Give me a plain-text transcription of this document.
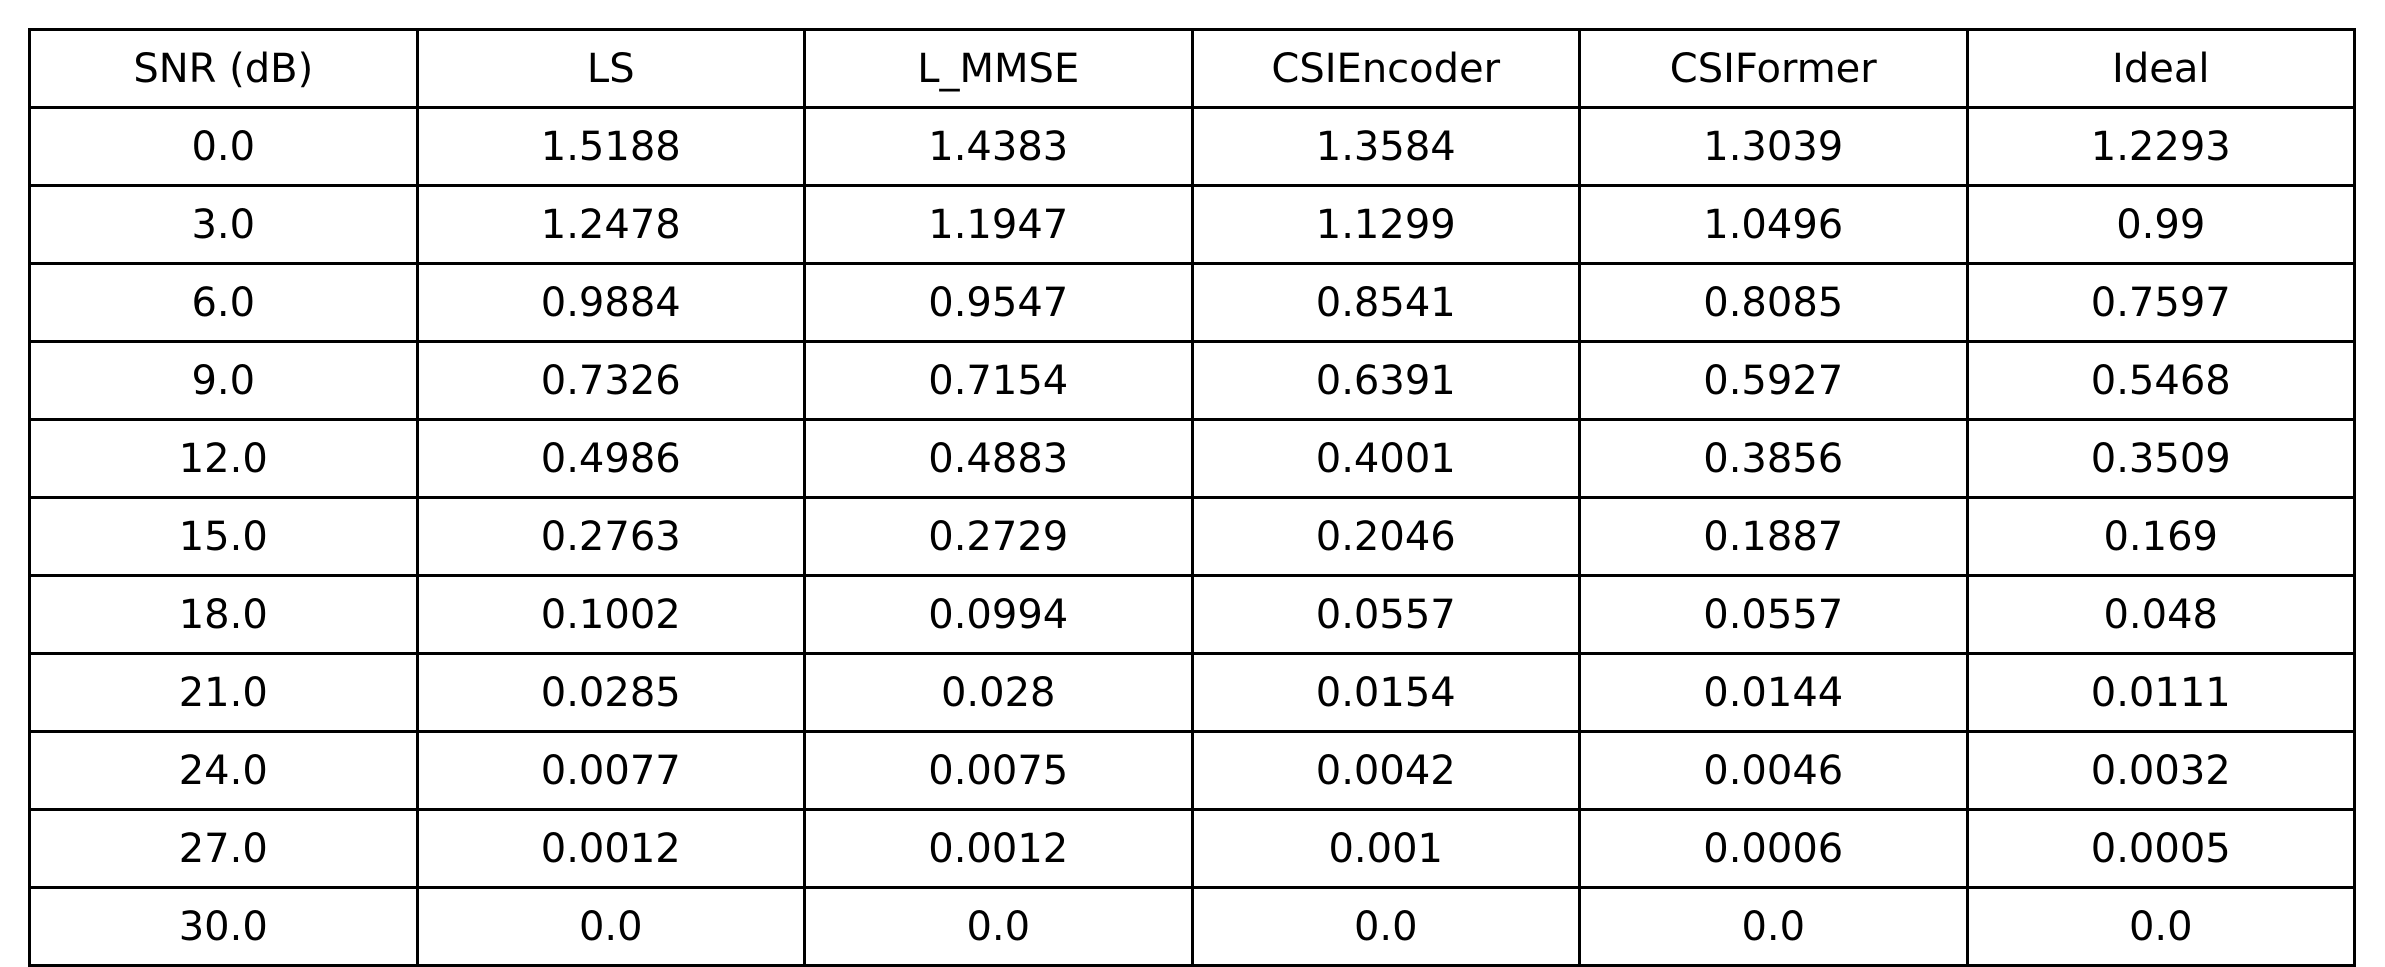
SNR (dB)	LS	L_MMSE	CSIEncoder	CSIFormer	Ideal
0.0	1.5188	1.4383	1.3584	1.3039	1.2293
3.0	1.2478	1.1947	1.1299	1.0496	0.99
6.0	0.9884	0.9547	0.8541	0.8085	0.7597
9.0	0.7326	0.7154	0.6391	0.5927	0.5468
12.0	0.4986	0.4883	0.4001	0.3856	0.3509
15.0	0.2763	0.2729	0.2046	0.1887	0.169
18.0	0.1002	0.0994	0.0557	0.0557	0.048
21.0	0.0285	0.028	0.0154	0.0144	0.0111
24.0	0.0077	0.0075	0.0042	0.0046	0.0032
27.0	0.0012	0.0012	0.001	0.0006	0.0005
30.0	0.0	0.0	0.0	0.0	0.0
